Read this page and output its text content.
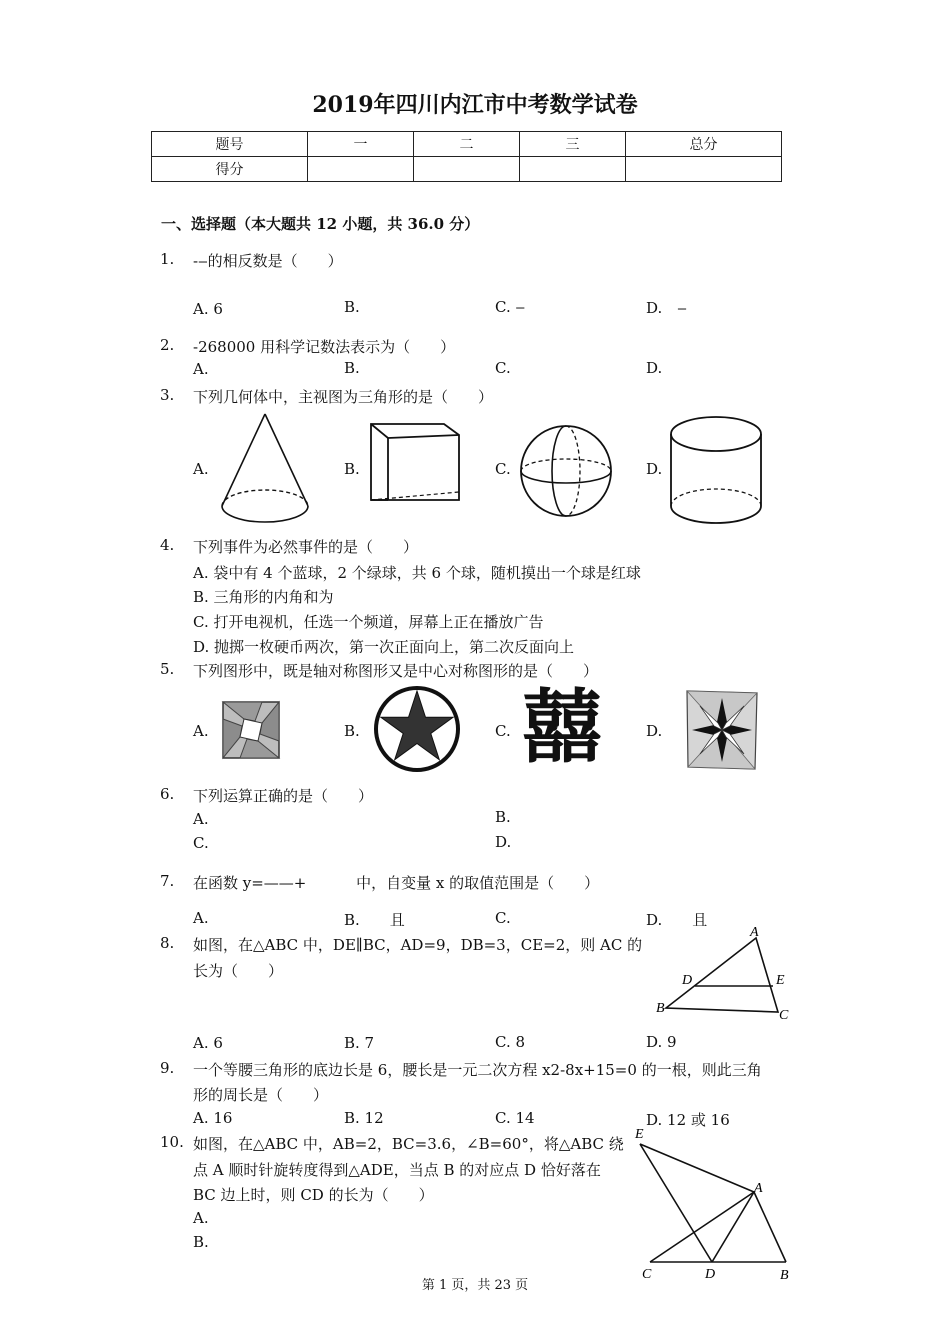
2019年四川内江市中考数学试卷
题号	一	二	三	总分
得分				
一、选择题（本大题共 12 小题，共 36.0 分）
1. -‒的相反数是（　　）
A. 6	B.	C. ‒	D.　‒
2. -268000 用科学记数法表示为（　　）
A.	B.	C.	D.
3. 下列几何体中，主视图为三角形的是（　　）
A.	B.	C.	D.
4. 下列事件为必然事件的是（　　）
A. 袋中有 4 个蓝球，2 个绿球，共 6 个球，随机摸出一个球是红球
B. 三角形的内角和为
C. 打开电视机，任选一个频道，屏幕上正在播放广告
D. 抛掷一枚硬币两次，第一次正面向上，第二次反面向上
5. 下列图形中，既是轴对称图形又是中心对称图形的是（　　）
A.	B.	C.	D.
囍
6. 下列运算正确的是（　　）
A.	B.
C.	D.
7. 在函数 y=——+ 　　　中，自变量 x 的取值范围是（　　）
A.	B.　　且	C.	D.　　且
8. 如图，在△ABC 中，DE∥BC，AD=9，DB=3，CE=2，则 AC 的
长为（　　）
A. 6	B. 7	C. 8	D. 9
A
D	E
B	C
9. 一个等腰三角形的底边长是 6，腰长是一元二次方程 x2-8x+15=0 的一根，则此三角
形的周长是（　　）
A. 16	B. 12	C. 14	D. 12 或 16
10. 如图，在△ABC 中，AB=2，BC=3.6，∠B=60°，将△ABC 绕
点 A 顺时针旋转度得到△ADE，当点 B 的对应点 D 恰好落在
BC 边上时，则 CD 的长为（　　）
A.
B.
E
A
C	D	B
第 1 页，共 23 页
